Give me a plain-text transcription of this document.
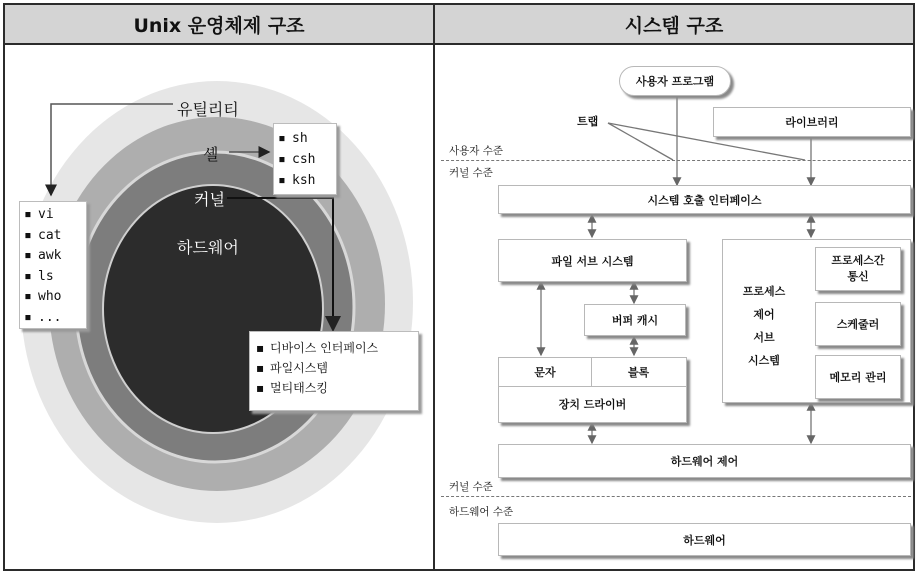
Unix 운영체제 구조	시스템 구조
유틸리티
셸
커널
하드웨어
▪ vi
▪ cat
▪ awk
▪ ls
▪ who
▪ ...
▪ sh
▪ csh
▪ ksh
▪ 디바이스 인터페이스
▪ 파일시스템
▪ 멀티태스킹
사용자 수준
커널 수준
커널 수준
하드웨어 수준
사용자 프로그램
트랩	라이브러리
시스템 호출 인터페이스
파일 서브 시스템
버퍼 캐시
문자	블록
장치 드라이버
프로세스
제어
서브
시스템
프로세스간
통신
스케줄러
메모리 관리
하드웨어 제어
하드웨어
